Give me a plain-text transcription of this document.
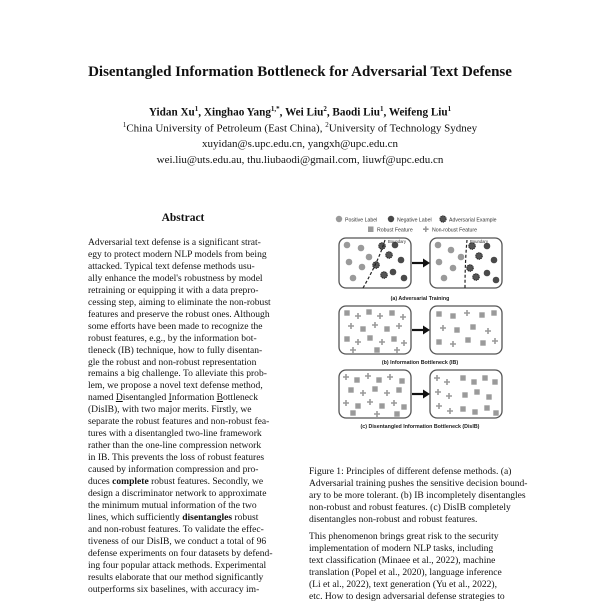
Disentangled Information Bottleneck for Adversarial Text Defense
Yidan Xu$^1$, Xinghao Yang$^{1,*}$, Wei Liu$^2$, Baodi Liu$^1$, Weifeng Liu$^1$
$^1$China University of Petroleum (East China), $^2$University of Technology Sydney
xuyidan@s.upc.edu.cn, yangxh@upc.edu.cn
wei.liu@uts.edu.au, thu.liubaodi@gmail.com, liuwf@upc.edu.cn
Abstract
Adversarial text defense is a significant strat-
egy to protect modern NLP models from being
attacked. Typical text defense methods usu-
ally enhance the model's robustness by model
retraining or equipping it with a data prepro-
cessing step, aiming to eliminate the non-robust
features and preserve the robust ones. Although
some efforts have been made to recognize the
robust features, e.g., by the information bot-
tleneck (IB) technique, how to fully disentan-
gle the robust and non-robust representation
remains a big challenge. To alleviate this prob-
lem, we propose a novel text defense method,
named Disentangled Information Bottleneck
(DisIB), with two major merits. Firstly, we
separate the robust features and non-robust fea-
tures with a disentangled two-line framework
rather than the one-line compression network
in IB. This prevents the loss of robust features
caused by information compression and pro-
duces complete robust features. Secondly, we
design a discriminator network to approximate
the minimum mutual information of the two
lines, which sufficiently disentangles robust
and non-robust features. To validate the effec-
tiveness of our DisIB, we conduct a total of 96
defense experiments on four datasets by defend-
ing four popular attack methods. Experimental
results elaborate that our method significantly
outperforms six baselines, with accuracy im-
Positive Label	Negative Label	Adversarial Example
Robust Feature	Non-robust Feature
Boundary	Boundary
(a) Adversarial Training
(b) Information Bottleneck (IB)
(c) Disentangled Information Bottleneck (DisIB)
Figure 1: Principles of different defense methods. (a)
Adversarial training pushes the sensitive decision bound-
ary to be more tolerant. (b) IB incompletely disentangles
non-robust and robust features. (c) DisIB completely
disentangles non-robust and robust features.
This phenomenon brings great risk to the security
implementation of modern NLP tasks, including
text classification (Minaee et al., 2022), machine
translation (Popel et al., 2020), language inference
(Li et al., 2022), text generation (Yu et al., 2022),
etc. How to design adversarial defense strategies to
